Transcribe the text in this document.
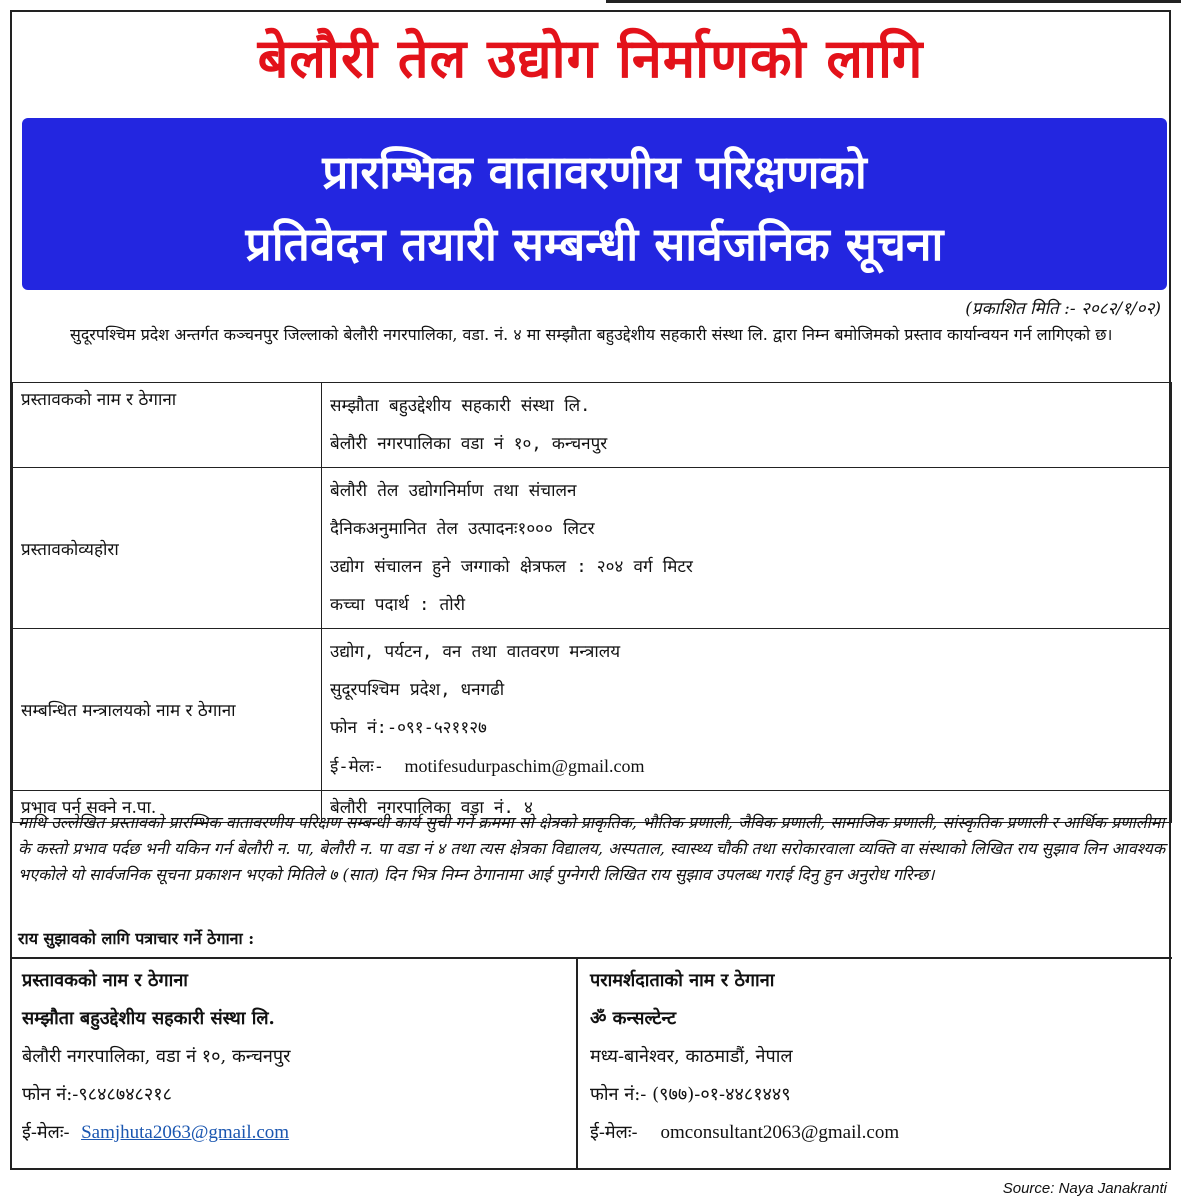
बेलौरी तेल उद्योग निर्माणको लागि
प्रारम्भिक वातावरणीय परिक्षणको
प्रतिवेदन तयारी सम्बन्धी सार्वजनिक सूचना
(प्रकाशित मिति :- २०८२/१/०२)
सुदूरपश्चिम प्रदेश अन्तर्गत कञ्चनपुर जिल्लाको बेलौरी नगरपालिका, वडा. नं. ४ मा सम्झौता बहुउद्देशीय सहकारी संस्था लि. द्वारा निम्न बमोजिमको प्रस्ताव कार्यान्वयन गर्न लागिएको छ।
प्रस्तावकको नाम र ठेगाना	सम्झौता बहुउद्देशीय सहकारी संस्था लि.
बेलौरी नगरपालिका वडा नं १०, कन्चनपुर

प्रस्तावकोव्यहोरा	बेलौरी तेल उद्योगनिर्माण तथा संचालन
दैनिकअनुमानित तेल उत्पादनः१००० लिटर
उद्योग संचालन हुने जग्गाको क्षेत्रफल : २०४ वर्ग मिटर
कच्चा पदार्थ : तोरी

सम्बन्धित मन्त्रालयको नाम र ठेगाना	उद्योग, पर्यटन, वन तथा वातवरण मन्त्रालय
सुदूरपश्चिम प्रदेश, धनगढी
फोन नं:-०९१-५२११२७
ई-मेलः- motifesudurpaschim@gmail.com

प्रभाव पर्न सक्ने न.पा.	बेलौरी नगरपालिका वडा नं. ४
माथि उल्लेखित प्रस्तावको प्रारम्भिक वातावरणीय परिक्षण सम्बन्धी कार्य सुची गर्ने क्रममा सो क्षेत्रको प्राकृतिक, भौतिक प्रणाली, जैविक प्रणाली, सामाजिक प्रणाली, सांस्कृतिक प्रणाली र आर्थिक प्रणालीमा के कस्तो प्रभाव पर्दछ भनी यकिन गर्न बेलौरी न. पा, बेलौरी न. पा वडा नं ४ तथा त्यस क्षेत्रका विद्यालय, अस्पताल, स्वास्थ्य चौकी तथा सरोकारवाला व्यक्ति वा संस्थाको लिखित राय सुझाव लिन आवश्यक भएकोले यो सार्वजनिक सूचना प्रकाशन भएको मितिले ७ (सात) दिन भित्र निम्न ठेगानामा आई पुग्नेगरी लिखित राय सुझाव उपलब्ध गराई दिनु हुन अनुरोध गरिन्छ।
राय सुझावको लागि पत्राचार गर्ने ठेगाना :
प्रस्तावकको नाम र ठेगाना
सम्झौता बहुउद्देशीय सहकारी संस्था लि.
बेलौरी नगरपालिका, वडा नं १०, कन्चनपुर
फोन नं:-९८४८७४८२१८
ई-मेलः- Samjhuta2063@gmail.com
परामर्शदाताको नाम र ठेगाना
ॐ कन्सल्टेन्ट
मध्य-बानेश्वर, काठमाडौं, नेपाल
फोन नं:- (९७७)-०१-४४८१४४९
ई-मेलः- omconsultant2063@gmail.com
Source: Naya Janakranti
